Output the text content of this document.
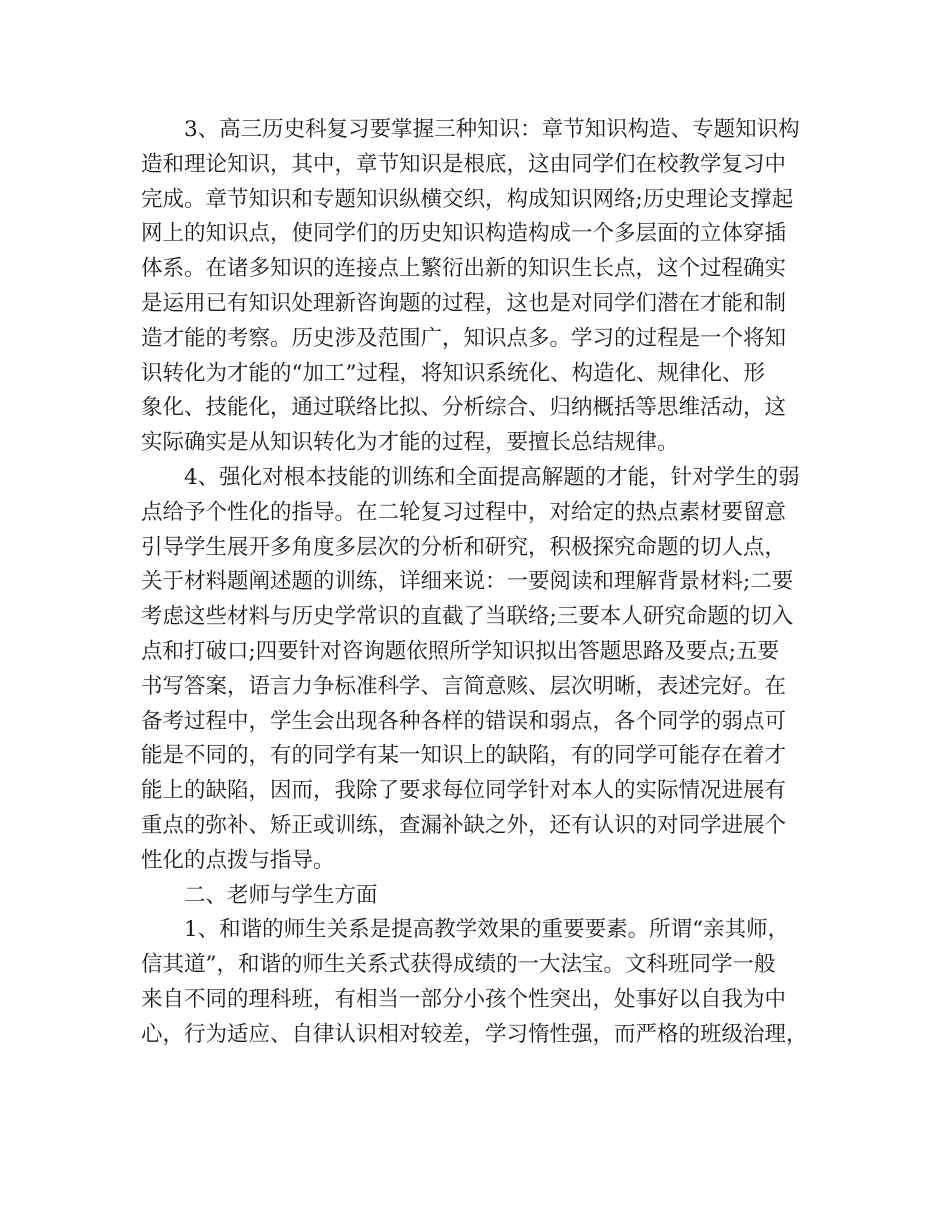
3、高三历史科复习要掌握三种知识：章节知识构造、专题知识构

造和理论知识，其中，章节知识是根底，这由同学们在校教学复习中

完成。章节知识和专题知识纵横交织，构成知识网络;历史理论支撑起

网上的知识点，使同学们的历史知识构造构成一个多层面的立体穿插

体系。在诸多知识的连接点上繁衍出新的知识生长点，这个过程确实

是运用已有知识处理新咨询题的过程，这也是对同学们潜在才能和制

造才能的考察。历史涉及范围广，知识点多。学习的过程是一个将知

识转化为才能的“加工”过程，将知识系统化、构造化、规律化、形

象化、技能化，通过联络比拟、分析综合、归纳概括等思维活动，这

实际确实是从知识转化为才能的过程，要擅长总结规律。

4、强化对根本技能的训练和全面提高解题的才能，针对学生的弱

点给予个性化的指导。在二轮复习过程中，对给定的热点素材要留意

引导学生展开多角度多层次的分析和研究，积极探究命题的切人点，

关于材料题阐述题的训练，详细来说：一要阅读和理解背景材料;二要

考虑这些材料与历史学常识的直截了当联络;三要本人研究命题的切入

点和打破口;四要针对咨询题依照所学知识拟出答题思路及要点;五要

书写答案，语言力争标准科学、言简意赅、层次明晰，表述完好。在

备考过程中，学生会出现各种各样的错误和弱点，各个同学的弱点可

能是不同的，有的同学有某一知识上的缺陷，有的同学可能存在着才

能上的缺陷，因而，我除了要求每位同学针对本人的实际情况进展有

重点的弥补、矫正或训练，查漏补缺之外，还有认识的对同学进展个

性化的点拨与指导。

二、老师与学生方面

1、和谐的师生关系是提高教学效果的重要要素。所谓“亲其师，

信其道”，和谐的师生关系式获得成绩的一大法宝。文科班同学一般

来自不同的理科班，有相当一部分小孩个性突出，处事好以自我为中

心，行为适应、自律认识相对较差，学习惰性强，而严格的班级治理，
